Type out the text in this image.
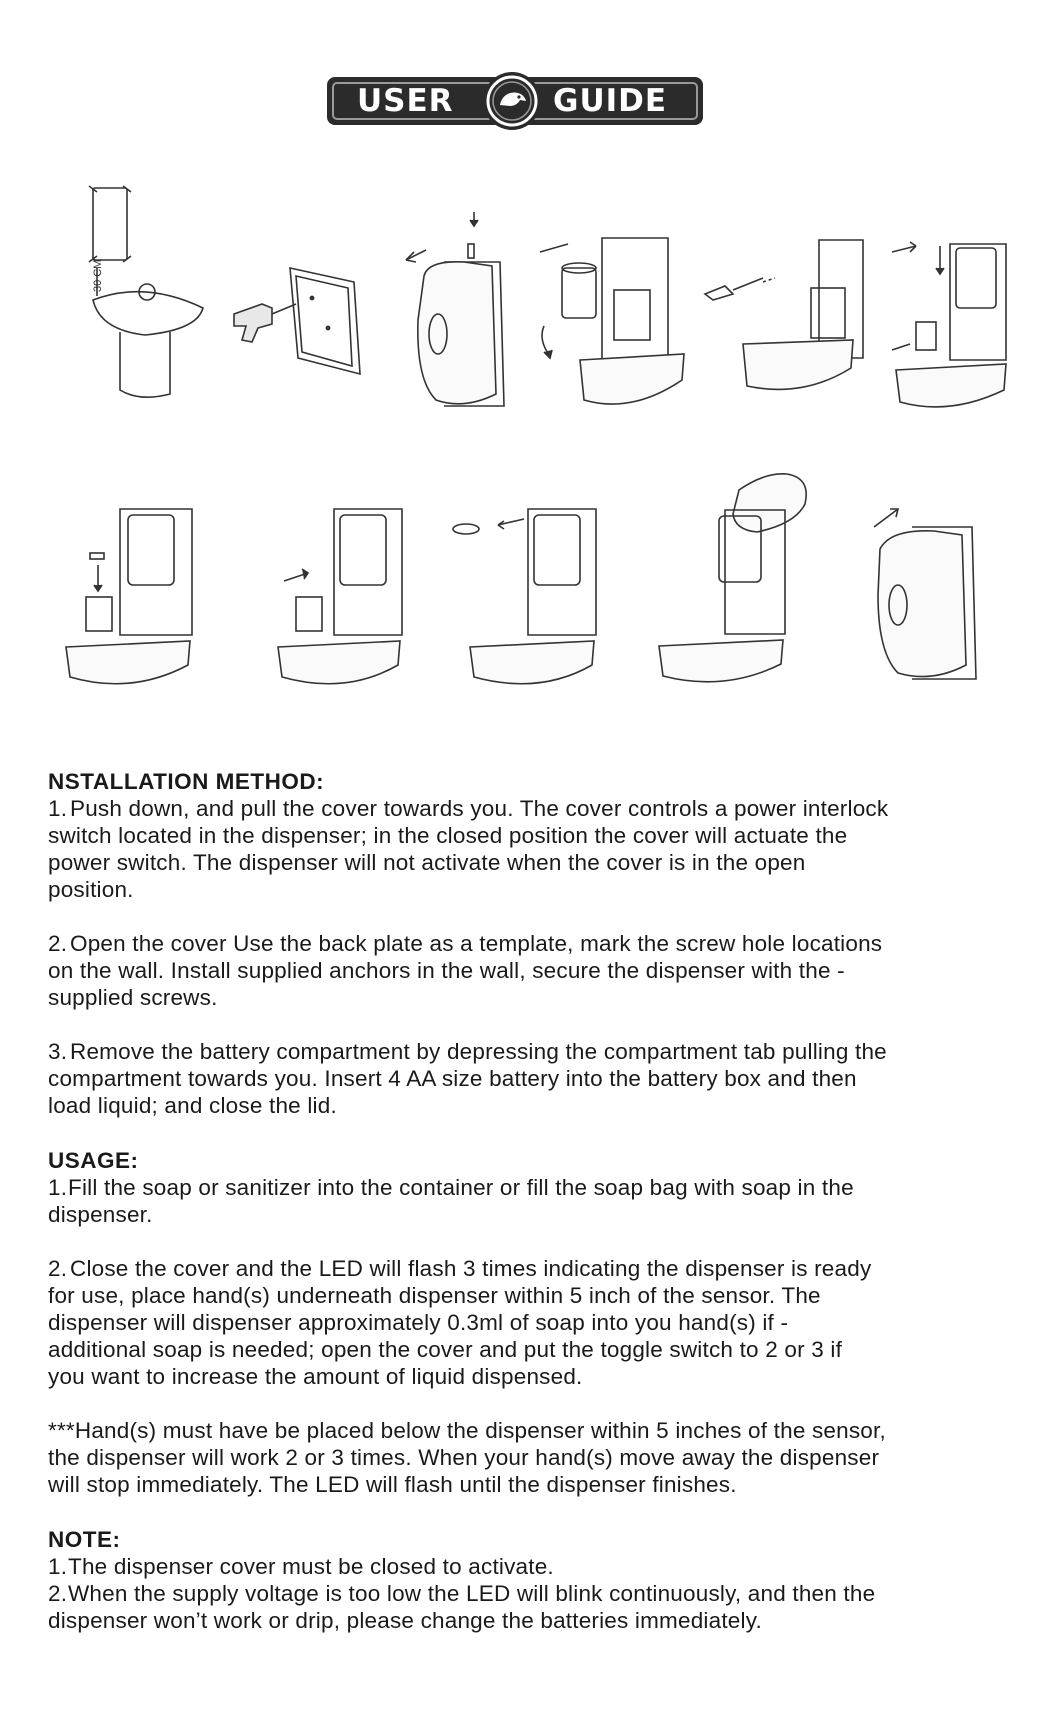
USER	GUIDE
30 CM
NSTALLATION METHOD:
1. Push down, and pull the cover towards you. The cover controls a power interlock
switch located in the dispenser; in the closed position the cover will actuate the
power switch. The dispenser will not activate when the cover is in the open
position.
2. Open the cover Use the back plate as a template, mark the screw hole locations
on the wall. Install supplied anchors in the wall, secure the dispenser with the -
supplied screws.
3. Remove the battery compartment by depressing the compartment tab pulling the
compartment towards you. Insert 4 AA size battery into the battery box and then
load liquid; and close the lid.
USAGE:
1. Fill the soap or sanitizer into the container or fill the soap bag with soap in the
dispenser.
2. Close the cover and the LED will flash 3 times indicating the dispenser is ready
for use, place hand(s) underneath dispenser within 5 inch of the sensor. The
dispenser will dispenser approximately 0.3ml of soap into you hand(s) if -
additional soap is needed; open the cover and put the toggle switch to 2 or 3 if
you want to increase the amount of liquid dispensed.
***Hand(s) must have be placed below the dispenser within 5 inches of the sensor,
the dispenser will work 2 or 3 times. When your hand(s) move away the dispenser
will stop immediately. The LED will flash until the dispenser finishes.
NOTE:
1. The dispenser cover must be closed to activate.
2. When the supply voltage is too low the LED will blink continuously, and then the
dispenser won’t work or drip, please change the batteries immediately.
